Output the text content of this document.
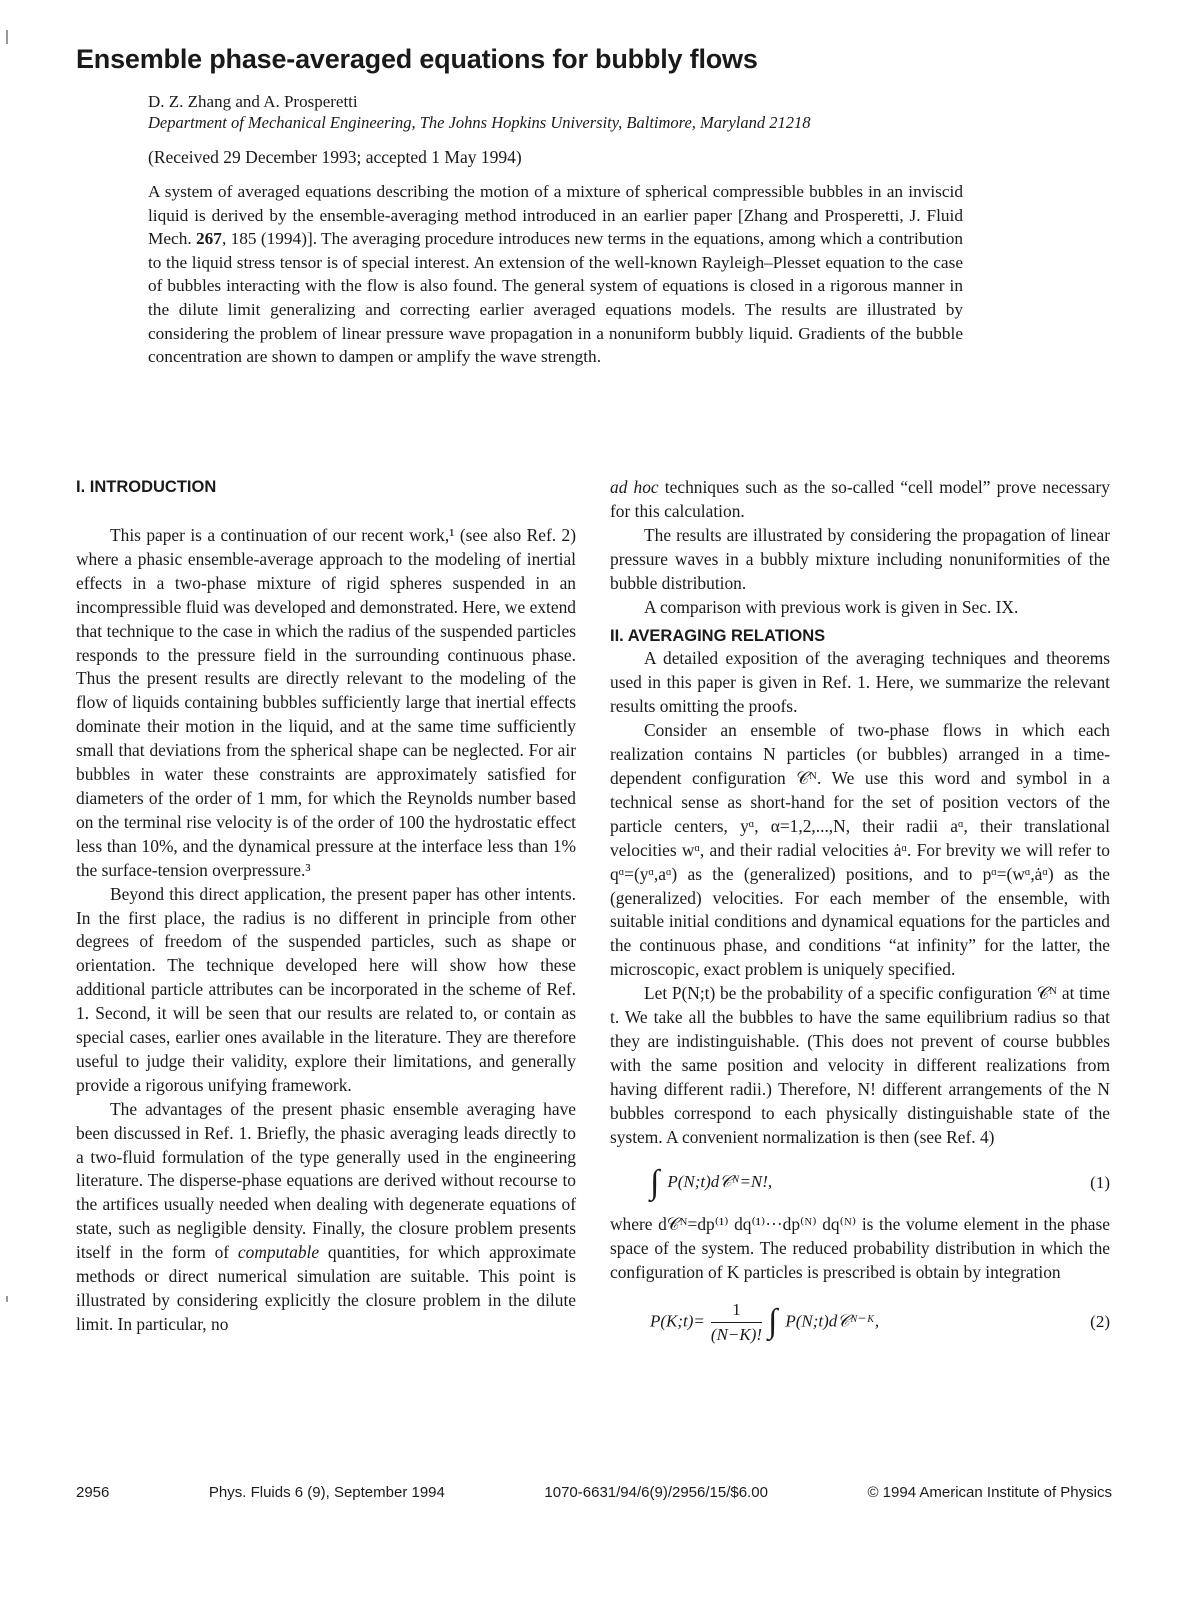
Ensemble phase-averaged equations for bubbly flows
D. Z. Zhang and A. Prosperetti
Department of Mechanical Engineering, The Johns Hopkins University, Baltimore, Maryland 21218
(Received 29 December 1993; accepted 1 May 1994)
A system of averaged equations describing the motion of a mixture of spherical compressible bubbles in an inviscid liquid is derived by the ensemble-averaging method introduced in an earlier paper [Zhang and Prosperetti, J. Fluid Mech. 267, 185 (1994)]. The averaging procedure introduces new terms in the equations, among which a contribution to the liquid stress tensor is of special interest. An extension of the well-known Rayleigh–Plesset equation to the case of bubbles interacting with the flow is also found. The general system of equations is closed in a rigorous manner in the dilute limit generalizing and correcting earlier averaged equations models. The results are illustrated by considering the problem of linear pressure wave propagation in a nonuniform bubbly liquid. Gradients of the bubble concentration are shown to dampen or amplify the wave strength.
I. INTRODUCTION

This paper is a continuation of our recent work,¹ (see also Ref. 2) where a phasic ensemble-average approach to the modeling of inertial effects in a two-phase mixture of rigid spheres suspended in an incompressible fluid was developed and demonstrated. Here, we extend that technique to the case in which the radius of the suspended particles responds to the pressure field in the surrounding continuous phase. Thus the present results are directly relevant to the modeling of the flow of liquids containing bubbles sufficiently large that inertial effects dominate their motion in the liquid, and at the same time sufficiently small that deviations from the spherical shape can be neglected. For air bubbles in water these constraints are approximately satisfied for diameters of the order of 1 mm, for which the Reynolds number based on the terminal rise velocity is of the order of 100 the hydrostatic effect less than 10%, and the dynamical pressure at the interface less than 1% the surface-tension overpressure.³

Beyond this direct application, the present paper has other intents. In the first place, the radius is no different in principle from other degrees of freedom of the suspended particles, such as shape or orientation. The technique developed here will show how these additional particle attributes can be incorporated in the scheme of Ref. 1. Second, it will be seen that our results are related to, or contain as special cases, earlier ones available in the literature. They are therefore useful to judge their validity, explore their limitations, and generally provide a rigorous unifying framework.

The advantages of the present phasic ensemble averaging have been discussed in Ref. 1. Briefly, the phasic averaging leads directly to a two-fluid formulation of the type generally used in the engineering literature. The disperse-phase equations are derived without recourse to the artifices usually needed when dealing with degenerate equations of state, such as negligible density. Finally, the closure problem presents itself in the form of computable quantities, for which approximate methods or direct numerical simulation are suitable. This point is illustrated by considering explicitly the closure problem in the dilute limit. In particular, no

ad hoc techniques such as the so-called “cell model” prove necessary for this calculation.

The results are illustrated by considering the propagation of linear pressure waves in a bubbly mixture including nonuniformities of the bubble distribution.

A comparison with previous work is given in Sec. IX.

II. AVERAGING RELATIONS

A detailed exposition of the averaging techniques and theorems used in this paper is given in Ref. 1. Here, we summarize the relevant results omitting the proofs.

Consider an ensemble of two-phase flows in which each realization contains N particles (or bubbles) arranged in a time-dependent configuration 𝒞ᴺ. We use this word and symbol in a technical sense as short-hand for the set of position vectors of the particle centers, yᵅ, α=1,2,...,N, their radii aᵅ, their translational velocities wᵅ, and their radial velocities ȧᵅ. For brevity we will refer to qᵅ=(yᵅ,aᵅ) as the (generalized) positions, and to pᵅ=(wᵅ,ȧᵅ) as the (generalized) velocities. For each member of the ensemble, with suitable initial conditions and dynamical equations for the particles and the continuous phase, and conditions “at infinity” for the latter, the microscopic, exact problem is uniquely specified.

Let P(N;t) be the probability of a specific configuration 𝒞ᴺ at time t. We take all the bubbles to have the same equilibrium radius so that they are indistinguishable. (This does not prevent of course bubbles with the same position and velocity in different realizations from having different radii.) Therefore, N! different arrangements of the N bubbles correspond to each physically distinguishable state of the system. A convenient normalization is then (see Ref. 4)

∫ P(N;t)d𝒞ᴺ=N!,	(1)

where d𝒞ᴺ=dp⁽¹⁾ dq⁽¹⁾···dp⁽ᴺ⁾ dq⁽ᴺ⁾ is the volume element in the phase space of the system. The reduced probability distribution in which the configuration of K particles is prescribed is obtain by integration

P(K;t)= $\frac{1}{(N-K)!}$ ∫ P(N;t)d𝒞ᴺ⁻ᴷ,	(2)
2956	Phys. Fluids 6 (9), September 1994	1070-6631/94/6(9)/2956/15/$6.00	© 1994 American Institute of Physics
